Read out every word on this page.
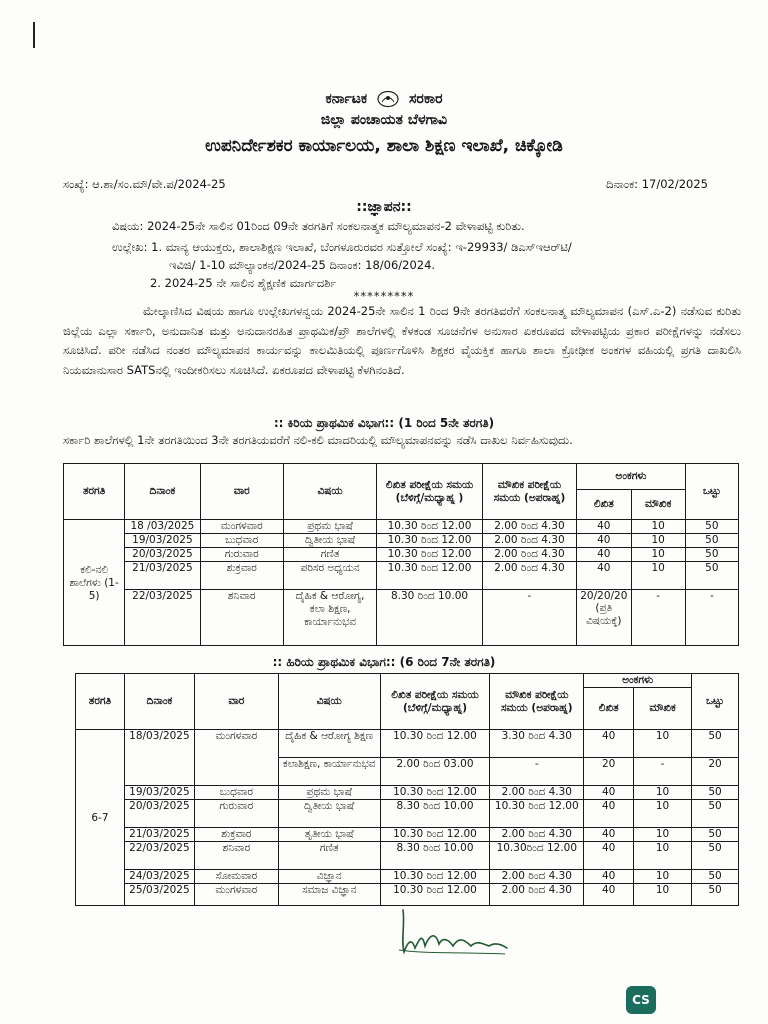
ಕರ್ನಾಟಕ	ಸರಕಾರ
ಜಿಲ್ಲಾ ಪಂಚಾಯತ ಬೆಳಗಾವಿ
ಉಪನಿರ್ದೇಶಕರ ಕಾರ್ಯಾಲಯ, ಶಾಲಾ ಶಿಕ್ಷಣ ಇಲಾಖೆ, ಚಿಕ್ಕೋಡಿ
ಸಂಖ್ಯೆ: ಆ.ಶಾ/ಸಂ.ಮೌ/ವೇ.ಪ/2024-25	ದಿನಾಂಕ: 17/02/2025
::ಜ್ಞಾಪನ::
ವಿಷಯ: 2024-25ನೇ ಸಾಲಿನ 01ರಿಂದ 09ನೇ ತರಗತಿಗೆ ಸಂಕಲನಾತ್ಮಕ ಮೌಲ್ಯಮಾಪನ-2 ವೇಳಾಪಟ್ಟಿ ಕುರಿತು.
ಉಲ್ಲೇಖ: 1. ಮಾನ್ಯ ಆಯುಕ್ತರು, ಶಾಲಾಶಿಕ್ಷಣ ಇಲಾಖೆ, ಬೆಂಗಳೂರುರವರ ಸುತ್ತೋಲೆ ಸಂಖ್ಯೆ: ಇ-29933/ ಡಿಎಸ್ಇಆರ್‌ಟಿ/
ಇವಿಜಿ/ 1-10 ಮೌಲ್ಯಾಂಕನ/2024-25 ದಿನಾಂಕ: 18/06/2024.
2. 2024-25 ನೇ ಸಾಲಿನ ಶೈಕ್ಷಣಿಕ ಮಾರ್ಗದರ್ಶಿ
*********
ಮೇಲ್ಕಾಣಿಸಿದ ವಿಷಯ ಹಾಗೂ ಉಲ್ಲೇಖಗಳನ್ವಯ 2024-25ನೇ ಸಾಲಿನ 1 ರಿಂದ 9ನೇ ತರಗತಿವರೆಗೆ ಸಂಕಲನಾತ್ಮ ಮೌಲ್ಯಮಾಪನ (ಎಸ್.ಎ-2) ನಡೆಸುವ ಕುರಿತು ಜಿಲ್ಲೆಯ ಎಲ್ಲಾ ಸರ್ಕಾರಿ, ಅನುದಾನಿತ ಮತ್ತು ಅನುದಾನರಹಿತ ಪ್ರಾಥಮಿಕ/ಪ್ರೌ ಶಾಲೆಗಳಲ್ಲಿ ಕೆಳಕಂಡ ಸೂಚನೆಗಳ ಅನುಸಾರ ಏಕರೂಪದ ವೇಳಾಪಟ್ಟಿಯ ಪ್ರಕಾರ ಪರೀಕ್ಷೆಗಳನ್ನು ನಡೆಸಲು ಸೂಚಿಸಿದೆ. ಪರೀ ನಡೆಸಿದ ನಂತರ ಮೌಲ್ಯಮಾಪನ ಕಾರ್ಯವನ್ನು ಕಾಲಮಿತಿಯಲ್ಲಿ ಪೂರ್ಣಗೊಳಿಸಿ ಶಿಕ್ಷಕರ ವೈಯಕ್ತಿಕ ಹಾಗೂ ಶಾಲಾ ಕ್ರೋಢೀಕ ಅಂಕಗಳ ವಹಿಯಲ್ಲಿ ಪ್ರಗತಿ ದಾಖಲಿಸಿ ನಿಯಮಾನುಸಾರ SATSನಲ್ಲಿ ಇಂದೀಕರಿಸಲು ಸೂಚಿಸಿದೆ. ಏಕರೂಪದ ವೇಳಾಪಟ್ಟಿ ಕೆಳಗಿನಂತಿದೆ.
:: ಕಿರಿಯ ಪ್ರಾಥಮಿಕ ವಿಭಾಗ:: (1 ರಿಂದ 5ನೇ ತರಗತಿ)
ಸರ್ಕಾರಿ ಶಾಲೆಗಳಲ್ಲಿ 1ನೇ ತರಗತಿಯಿಂದ 3ನೇ ತರಗತಿಯವರೆಗೆ ನಲಿ-ಕಲಿ ಮಾದರಿಯಲ್ಲಿ ಮೌಲ್ಯಮಾಪನವನ್ನು ನಡೆಸಿ ದಾಖಲ ನಿರ್ವಹಿಸುವುದು.
ತರಗತಿ	ದಿನಾಂಕ	ವಾರ	ವಿಷಯ	ಲಿಖಿತ ಪರೀಕ್ಷೆಯ ಸಮಯ (ಬೆಳಿಗ್ಗೆ/ಮಧ್ಯಾಹ್ನ )	ಮೌಖಿಕ ಪರೀಕ್ಷೆಯ ಸಮಯ (ಅಪರಾಹ್ನ)	ಅಂಕಗಳು		ಒಟ್ಟು
						ಲಿಖಿತ	ಮೌಖಿಕ	
ಕಲಿ-ನಲಿ ಶಾಲೆಗಳು (1-5)	18 /03/2025	ಮಂಗಳವಾರ	ಪ್ರಥಮ ಭಾಷೆ	10.30 ರಿಂದ 12.00	2.00 ರಿಂದ 4.30	40	10	50
	19/03/2025	ಬುಧವಾರ	ದ್ವಿತೀಯ ಭಾಷೆ	10.30 ರಿಂದ 12.00	2.00 ರಿಂದ 4.30	40	10	50
	20/03/2025	ಗುರುವಾರ	ಗಣಿತ	10.30 ರಿಂದ 12.00	2.00 ರಿಂದ 4.30	40	10	50
	21/03/2025	ಶುಕ್ರವಾರ	ಪರಿಸರ ಅಧ್ಯಯನ	10.30 ರಿಂದ 12.00	2.00 ರಿಂದ 4.30	40	10	50
	22/03/2025	ಶನಿವಾರ	ದೈಹಿಕ & ಆರೋಗ್ಯ, ಕಲಾ ಶಿಕ್ಷಣ, ಕಾರ್ಯಾನುಭವ	8.30 ರಿಂದ 10.00	-	20/20/20 (ಪ್ರತಿ ವಿಷಯಕ್ಕೆ)	-	-
:: ಹಿರಿಯ ಪ್ರಾಥಮಿಕ ವಿಭಾಗ:: (6 ರಿಂದ 7ನೇ ತರಗತಿ)
ತರಗತಿ	ದಿನಾಂಕ	ವಾರ	ವಿಷಯ	ಲಿಖಿತ ಪರೀಕ್ಷೆಯ ಸಮಯ (ಬೆಳಿಗ್ಗೆ/ಮಧ್ಯಾಹ್ನ)	ಮೌಖಿಕ ಪರೀಕ್ಷೆಯ ಸಮಯ (ಅಪರಾಹ್ನ)	ಅಂಕಗಳು		ಒಟ್ಟು
						ಲಿಖಿತ	ಮೌಖಿಕ	
6-7	18/03/2025	ಮಂಗಳವಾರ	ದೈಹಿಕ & ಆರೋಗ್ಯ ಶಿಕ್ಷಣ	10.30 ರಿಂದ 12.00	3.30 ರಿಂದ 4.30	40	10	50
			ಕಲಾಶಿಕ್ಷಣ, ಕಾರ್ಯಾನುಭವ	2.00 ರಿಂದ 03.00	-	20	-	20
	19/03/2025	ಬುಧವಾರ	ಪ್ರಥಮ ಭಾಷೆ	10.30 ರಿಂದ 12.00	2.00 ರಿಂದ 4.30	40	10	50
	20/03/2025	ಗುರುವಾರ	ದ್ವಿತೀಯ ಭಾಷೆ	8.30 ರಿಂದ 10.00	10.30 ರಿಂದ 12.00	40	10	50
	21/03/2025	ಶುಕ್ರವಾರ	ತೃತೀಯ ಭಾಷೆ	10.30 ರಿಂದ 12.00	2.00 ರಿಂದ 4.30	40	10	50
	22/03/2025	ಶನಿವಾರ	ಗಣಿತ	8.30 ರಿಂದ 10.00	10.30ರಿಂದ 12.00	40	10	50
	24/03/2025	ಸೋಮವಾರ	ವಿಜ್ಞಾನ	10.30 ರಿಂದ 12.00	2.00 ರಿಂದ 4.30	40	10	50
	25/03/2025	ಮಂಗಳವಾರ	ಸಮಾಜ ವಿಜ್ಞಾನ	10.30 ರಿಂದ 12.00	2.00 ರಿಂದ 4.30	40	10	50
CS
